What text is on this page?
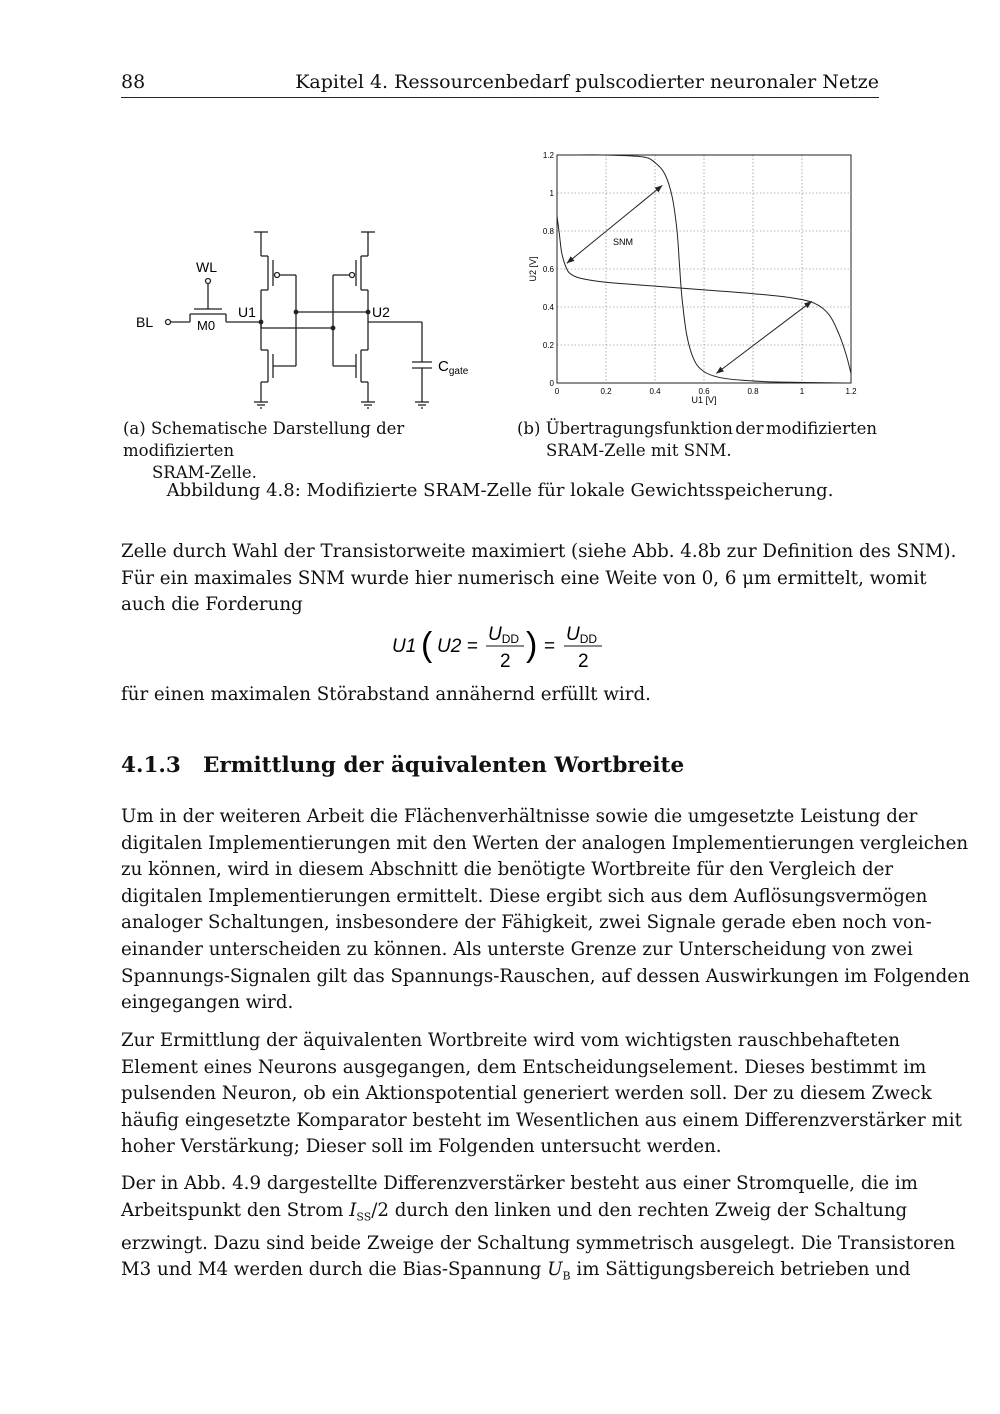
88	Kapitel 4. Ressourcenbedarf pulscodierter neuronaler Netze
BL
WL
M0
U1	U2
$C_{gate}$
0	0.2	0.4	0.6	0.8	1	1.2
0
0.2
0.4
0.6
0.8
1
1.2
SNM
U1 [V]
U2 [V]
(a) Schematische Darstellung der modifizierten
SRAM-Zelle.
(b) Übertragungsfunktion der modifizierten
SRAM-Zelle mit SNM.
Abbildung 4.8: Modifizierte SRAM-Zelle für lokale Gewichtsspeicherung.
Zelle durch Wahl der Transistorweite maximiert (siehe Abb. 4.8b zur Definition des SNM).
Für ein maximales SNM wurde hier numerisch eine Weite von 0, 6 μm ermittelt, womit
auch die Forderung
U1 ( U2 =
UDD
2 ) =
UDD
2
für einen maximalen Störabstand annähernd erfüllt wird.
4.1.3 Ermittlung der äquivalenten Wortbreite
Um in der weiteren Arbeit die Flächenverhältnisse sowie die umgesetzte Leistung der
digitalen Implementierungen mit den Werten der analogen Implementierungen vergleichen
zu können, wird in diesem Abschnitt die benötigte Wortbreite für den Vergleich der
digitalen Implementierungen ermittelt. Diese ergibt sich aus dem Auflösungsvermögen
analoger Schaltungen, insbesondere der Fähigkeit, zwei Signale gerade eben noch von-
einander unterscheiden zu können. Als unterste Grenze zur Unterscheidung von zwei
Spannungs-Signalen gilt das Spannungs-Rauschen, auf dessen Auswirkungen im Folgenden
eingegangen wird.
Zur Ermittlung der äquivalenten Wortbreite wird vom wichtigsten rauschbehafteten
Element eines Neurons ausgegangen, dem Entscheidungselement. Dieses bestimmt im
pulsenden Neuron, ob ein Aktionspotential generiert werden soll. Der zu diesem Zweck
häufig eingesetzte Komparator besteht im Wesentlichen aus einem Differenzverstärker mit
hoher Verstärkung; Dieser soll im Folgenden untersucht werden.
Der in Abb. 4.9 dargestellte Differenzverstärker besteht aus einer Stromquelle, die im
Arbeitspunkt den Strom $I_{SS}/2$ durch den linken und den rechten Zweig der Schaltung
erzwingt. Dazu sind beide Zweige der Schaltung symmetrisch ausgelegt. Die Transistoren
M3 und M4 werden durch die Bias-Spannung $U_B$ im Sättigungsbereich betrieben und
